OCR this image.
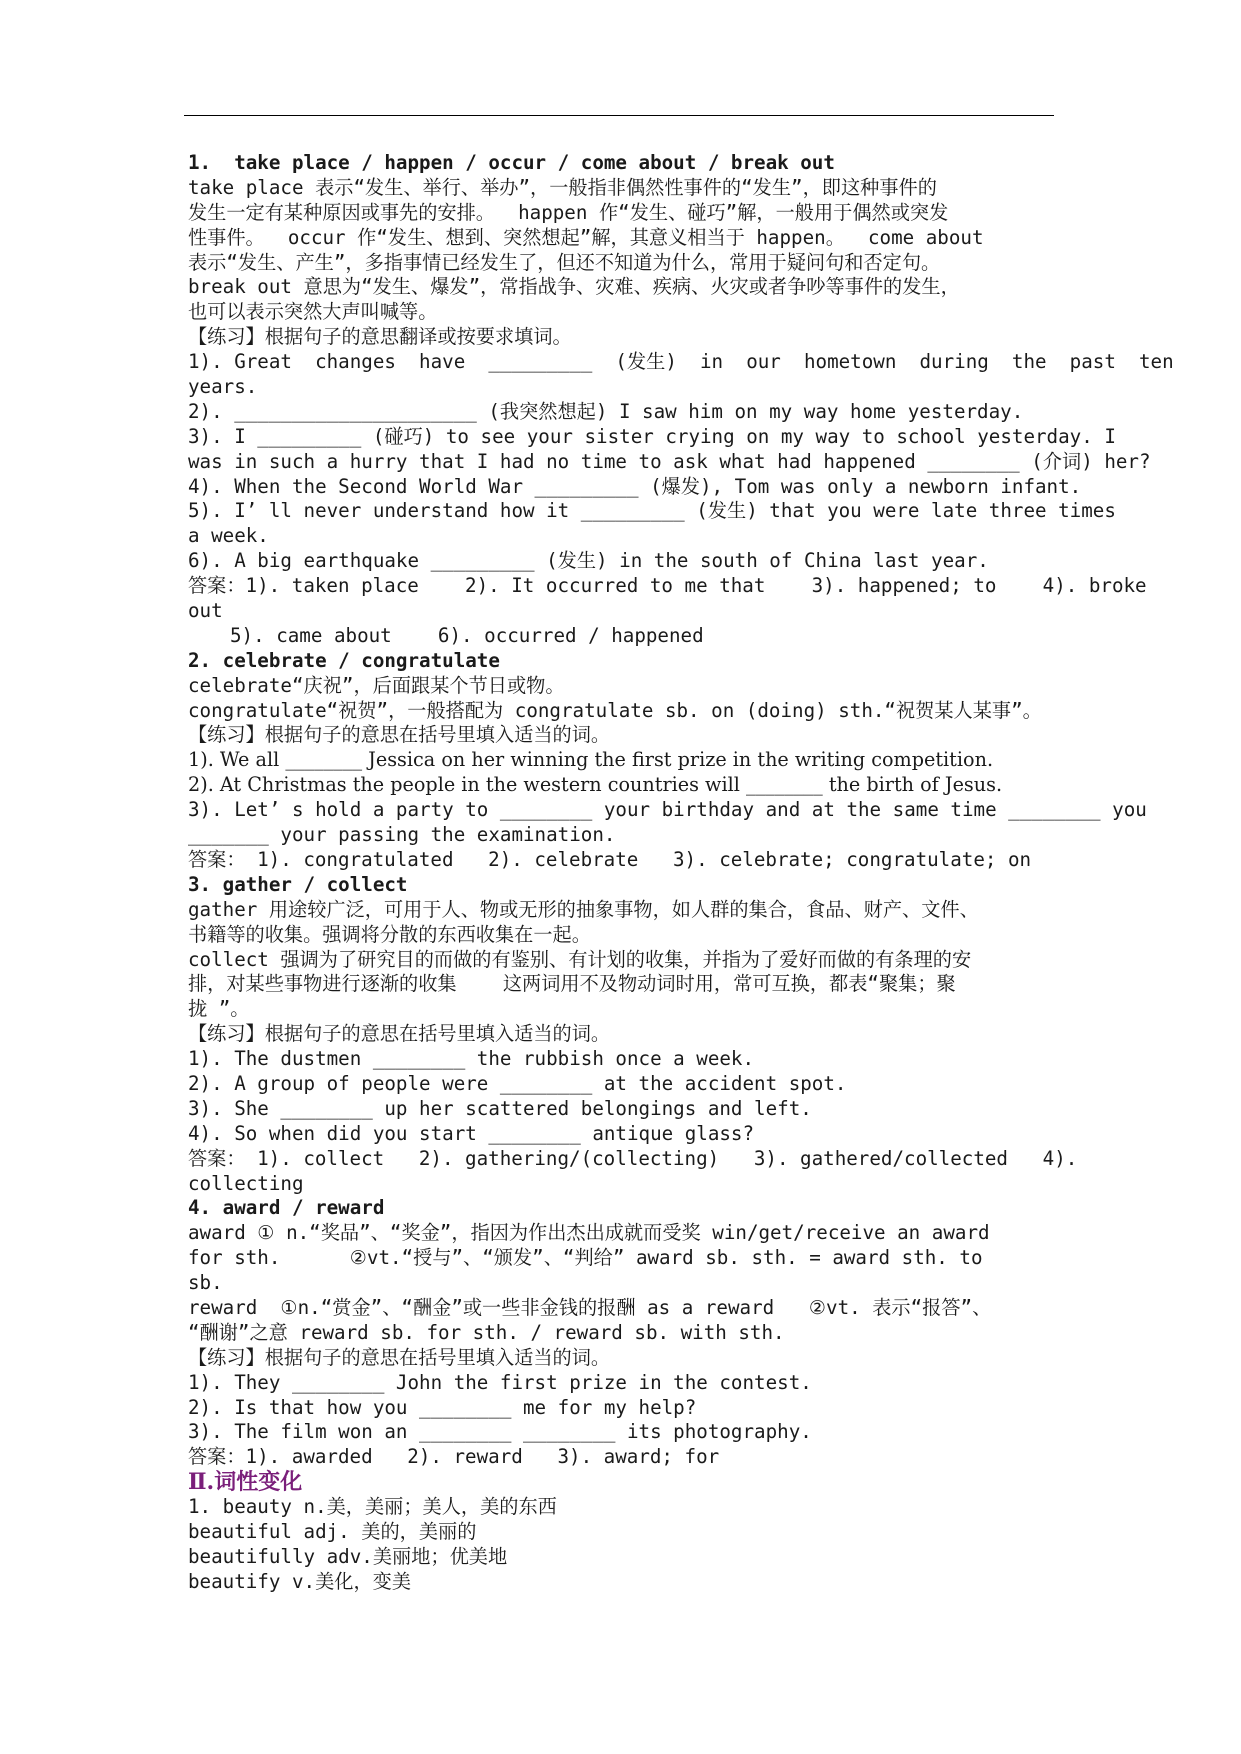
1.  take place / happen / occur / come about / break out
take place 表示“发生、举行、举办”，一般指非偶然性事件的“发生”，即这种事件的
发生一定有某种原因或事先的安排。  happen 作“发生、碰巧”解，一般用于偶然或突发
性事件。  occur 作“发生、想到、突然想起”解，其意义相当于 happen。  come about
表示“发生、产生”，多指事情已经发生了，但还不知道为什么，常用于疑问句和否定句。
break out 意思为“发生、爆发”，常指战争、灾难、疾病、火灾或者争吵等事件的发生，
也可以表示突然大声叫喊等。
【练习】根据句子的意思翻译或按要求填词。
1). Great  changes  have  _________  (发生)  in  our  hometown  during  the  past  ten
years.
2). _____________________ (我突然想起) I saw him on my way home yesterday.
3). I _________ (碰巧) to see your sister crying on my way to school yesterday. I
was in such a hurry that I had no time to ask what had happened ________ (介词) her?
4). When the Second World War _________ (爆发), Tom was only a newborn infant.
5). I’ ll never understand how it _________ (发生) that you were late three times
a week.
6). A big earthquake _________ (发生) in the south of China last year.
答案：1). taken place    2). It occurred to me that    3). happened; to    4). broke
out
5). came about    6). occurred / happened
2. celebrate / congratulate
celebrate“庆祝”，后面跟某个节日或物。
congratulate“祝贺”，一般搭配为 congratulate sb. on (doing) sth.“祝贺某人某事”。
【练习】根据句子的意思在括号里填入适当的词。
1). We all ________ Jessica on her winning the first prize in the writing competition.
2). At Christmas the people in the western countries will ________ the birth of Jesus.
3). Let’ s hold a party to ________ your birthday and at the same time ________ you
_______ your passing the examination.
答案： 1). congratulated   2). celebrate   3). celebrate; congratulate; on
3. gather / collect
gather 用途较广泛，可用于人、物或无形的抽象事物，如人群的集合，食品、财产、文件、
书籍等的收集。强调将分散的东西收集在一起。
collect 强调为了研究目的而做的有鉴别、有计划的收集，并指为了爱好而做的有条理的安
排，对某些事物进行逐渐的收集    这两词用不及物动词时用，常可互换，都表“聚集；聚
拢 ”。
【练习】根据句子的意思在括号里填入适当的词。
1). The dustmen ________ the rubbish once a week.
2). A group of people were ________ at the accident spot.
3). She ________ up her scattered belongings and left.
4). So when did you start ________ antique glass?
答案： 1). collect   2). gathering/(collecting)   3). gathered/collected   4).
collecting
4. award / reward
award ① n.“奖品”、“奖金”，指因为作出杰出成就而受奖 win/get/receive an award
for sth.      ②vt.“授与”、“颁发”、“判给” award sb. sth. = award sth. to
sb.
reward  ①n.“赏金”、“酬金”或一些非金钱的报酬 as a reward   ②vt. 表示“报答”、
“酬谢”之意 reward sb. for sth. / reward sb. with sth.
【练习】根据句子的意思在括号里填入适当的词。
1). They ________ John the first prize in the contest.
2). Is that how you ________ me for my help?
3). The film won an ________ ________ its photography.
答案：1). awarded   2). reward   3). award; for
Ⅱ.词性变化
1. beauty n.美，美丽；美人，美的东西
beautiful adj. 美的，美丽的
beautifully adv.美丽地；优美地
beautify v.美化，变美
